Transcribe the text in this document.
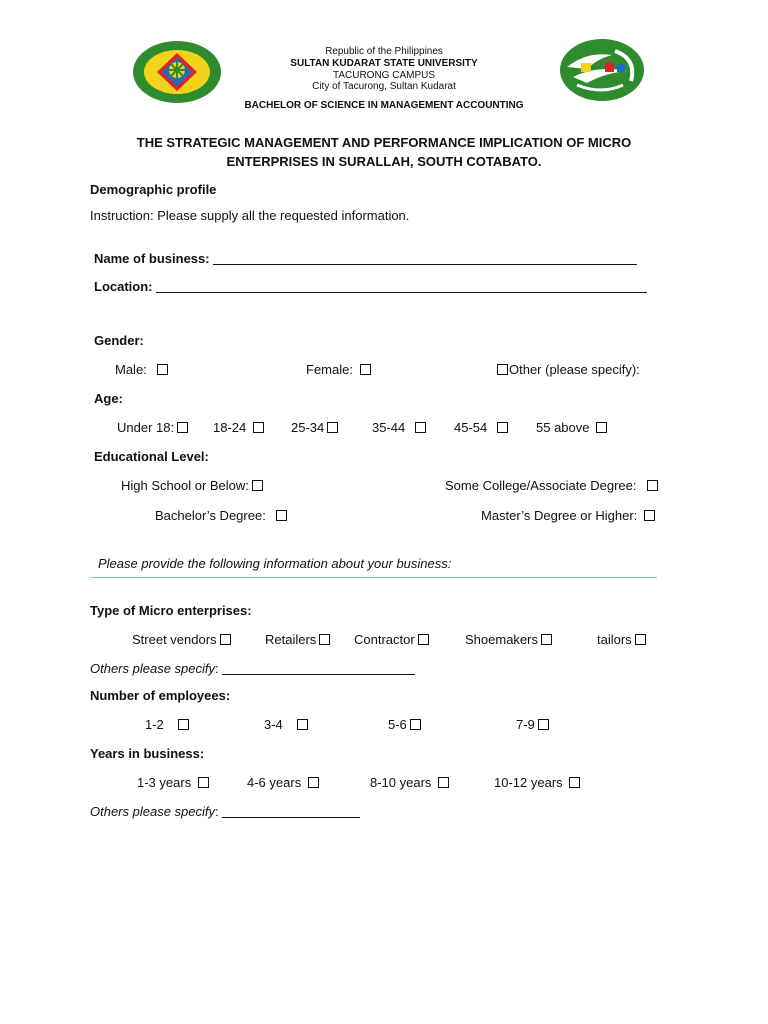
Republic of the Philippines
SULTAN KUDARAT STATE UNIVERSITY
TACURONG CAMPUS
City of Tacurong, Sultan Kudarat
BACHELOR OF SCIENCE IN MANAGEMENT ACCOUNTING
THE STRATEGIC MANAGEMENT AND PERFORMANCE IMPLICATION OF MICRO
ENTERPRISES IN SURALLAH, SOUTH COTABATO.
Demographic profile
Instruction: Please supply all the requested information.
Name of business:
Location:
Gender:
Male:	Female:	Other (please specify):
Age:
Under 18:	18-24	25-34	35-44	45-54	55 above
Educational Level:
High School or Below:	Some College/Associate Degree:
Bachelor’s Degree:	Master’s Degree or Higher:
Please provide the following information about your business:
Type of Micro enterprises:
Street vendors	Retailers	Contractor	Shoemakers	tailors
Others please specify:
Number of employees:
1-2	3-4	5-6	7-9
Years in business:
1-3 years	4-6 years	8-10 years	10-12 years
Others please specify:
